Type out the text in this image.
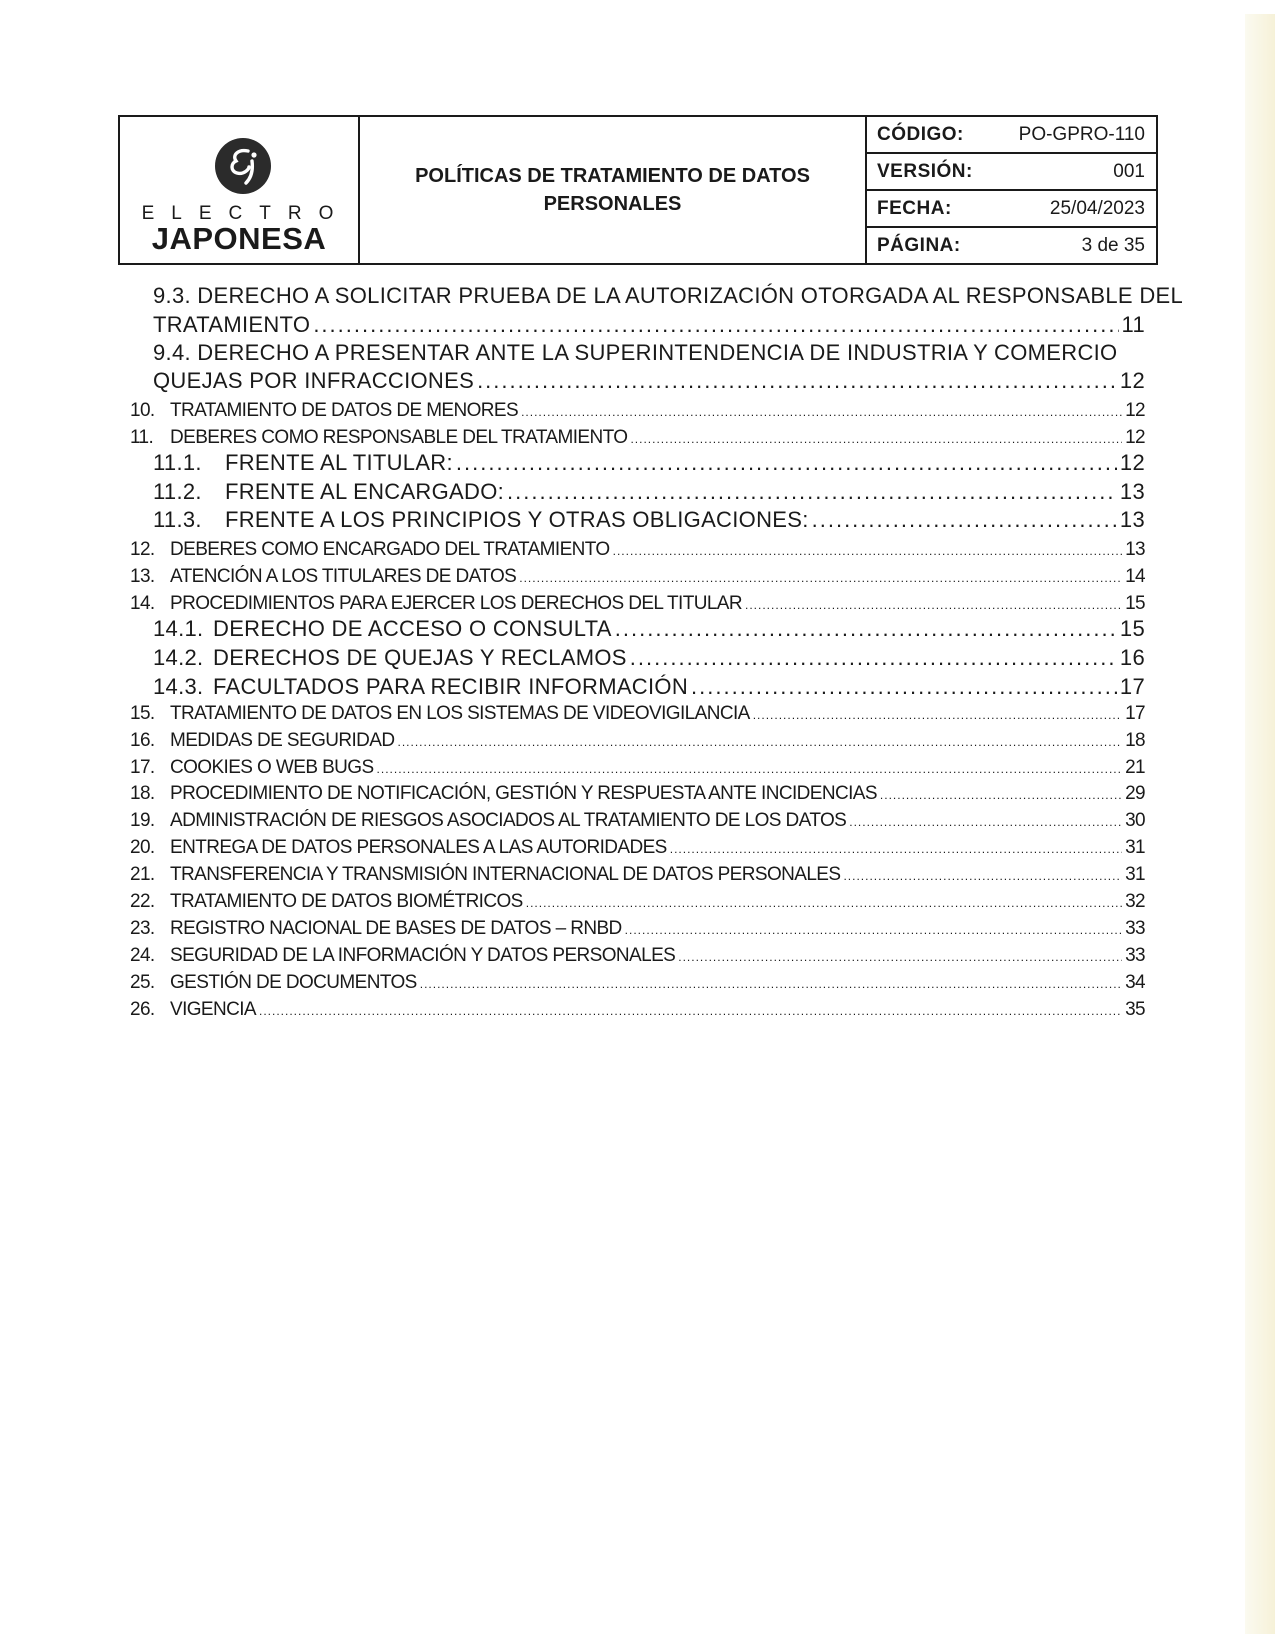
ELECTRO
JAPONESA
POLÍTICAS DE TRATAMIENTO DE DATOS PERSONALES
CÓDIGO:	PO-GPRO-110
VERSIÓN:	001
FECHA:	25/04/2023
PÁGINA:	3 de 35
9.3. DERECHO A SOLICITAR PRUEBA DE LA AUTORIZACIÓN OTORGADA AL RESPONSABLE DEL
TRATAMIENTO .....	11
9.4. DERECHO A PRESENTAR ANTE LA SUPERINTENDENCIA DE INDUSTRIA Y COMERCIO
QUEJAS POR INFRACCIONES .....	12
10. TRATAMIENTO DE DATOS DE MENORES .....	12
11. DEBERES COMO RESPONSABLE DEL TRATAMIENTO .....	12
11.1.	FRENTE AL TITULAR: .....	12
11.2.	FRENTE AL ENCARGADO: .....	13
11.3.	FRENTE A LOS PRINCIPIOS Y OTRAS OBLIGACIONES: .....	13
12. DEBERES COMO ENCARGADO DEL TRATAMIENTO .....	13
13. ATENCIÓN A LOS TITULARES DE DATOS .....	14
14. PROCEDIMIENTOS PARA EJERCER LOS DERECHOS DEL TITULAR .....	15
14.1. DERECHO DE ACCESO O CONSULTA .....	15
14.2. DERECHOS DE QUEJAS Y RECLAMOS .....	16
14.3. FACULTADOS PARA RECIBIR INFORMACIÓN .....	17
15. TRATAMIENTO DE DATOS EN LOS SISTEMAS DE VIDEOVIGILANCIA .....	17
16. MEDIDAS DE SEGURIDAD .....	18
17. COOKIES O WEB BUGS .....	21
18. PROCEDIMIENTO DE NOTIFICACIÓN, GESTIÓN Y RESPUESTA ANTE INCIDENCIAS .....	29
19. ADMINISTRACIÓN DE RIESGOS ASOCIADOS AL TRATAMIENTO DE LOS DATOS .....	30
20. ENTREGA DE DATOS PERSONALES A LAS AUTORIDADES .....	31
21. TRANSFERENCIA Y TRANSMISIÓN INTERNACIONAL DE DATOS PERSONALES .....	31
22. TRATAMIENTO DE DATOS BIOMÉTRICOS .....	32
23. REGISTRO NACIONAL DE BASES DE DATOS – RNBD .....	33
24. SEGURIDAD DE LA INFORMACIÓN Y DATOS PERSONALES .....	33
25. GESTIÓN DE DOCUMENTOS .....	34
26. VIGENCIA .....	35
